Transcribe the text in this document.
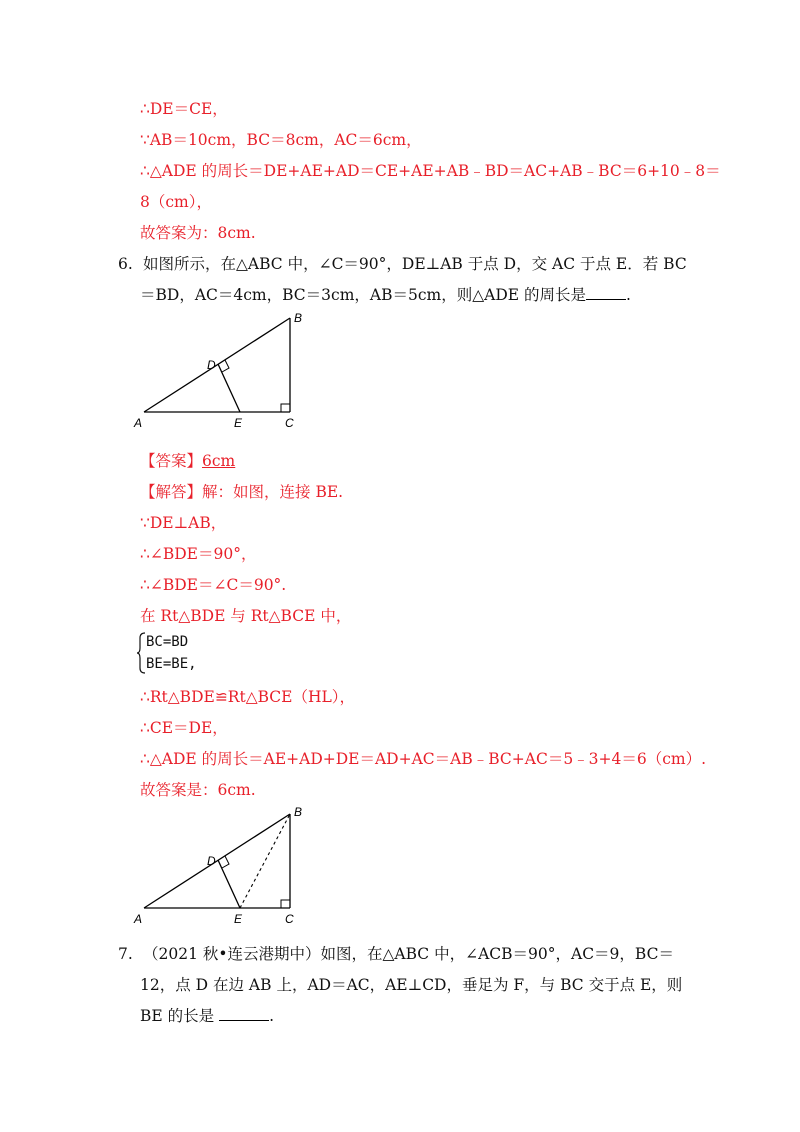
∴DE＝CE，
∵AB＝10cm，BC＝8cm，AC＝6cm，
∴△ADE 的周长＝DE+AE+AD＝CE+AE+AB﹣BD＝AC+AB﹣BC＝6+10﹣8＝
8（cm），
故答案为：8cm.
6. 如图所示，在△ABC 中，∠C＝90°，DE⊥AB 于点 D，交 AC 于点 E．若 BC
＝BD，AC＝4cm，BC＝3cm，AB＝5cm，则△ADE 的周长是	.
A
B
C
D
E
【答案】6cm
【解答】解：如图，连接 BE.
∵DE⊥AB，
∴∠BDE＝90°，
∴∠BDE＝∠C＝90°.
在 Rt△BDE 与 Rt△BCE 中，
BC=BD
BE=BE,
∴Rt△BDE≌Rt△BCE（HL），
∴CE＝DE，
∴△ADE 的周长＝AE+AD+DE＝AD+AC＝AB﹣BC+AC＝5﹣3+4＝6（cm）.
故答案是：6cm.
A
B
C
D
E
7. （2021 秋•连云港期中）如图，在△ABC 中，∠ACB＝90°，AC＝9，BC＝
12，点 D 在边 AB 上，AD＝AC，AE⊥CD，垂足为 F，与 BC 交于点 E，则
BE 的长是	.
